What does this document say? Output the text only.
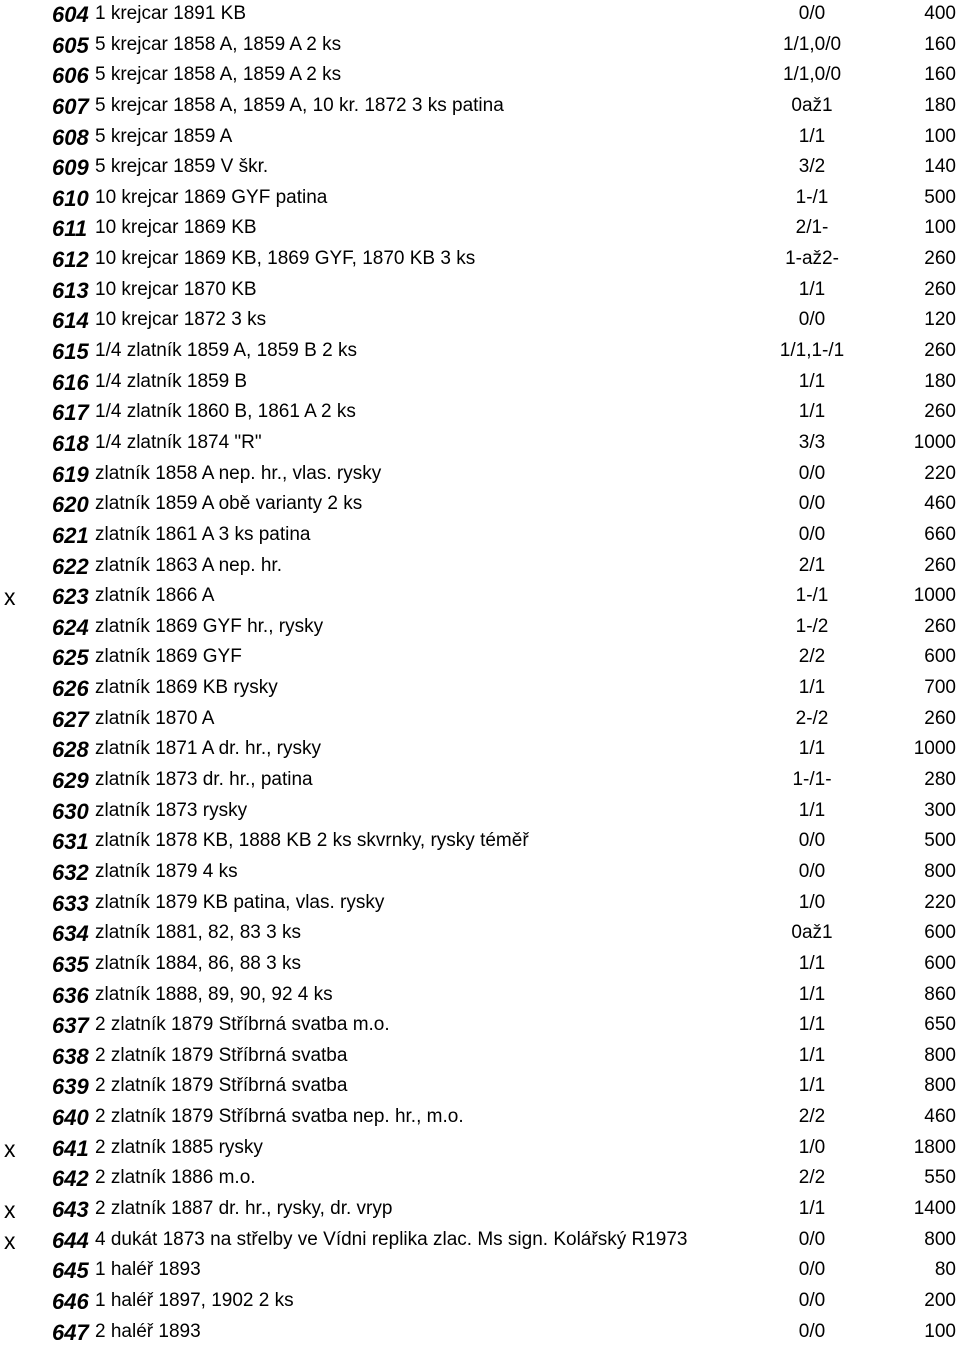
604 1 krejcar 1891 KB	0/0	400
605 5 krejcar 1858 A, 1859 A 2 ks	1/1,0/0	160
606 5 krejcar 1858 A, 1859 A 2 ks	1/1,0/0	160
607 5 krejcar 1858 A, 1859 A, 10 kr. 1872 3 ks patina	0až1	180
608 5 krejcar 1859 A	1/1	100
609 5 krejcar 1859 V škr.	3/2	140
610 10 krejcar 1869 GYF patina	1-/1	500
611 10 krejcar 1869 KB	2/1-	100
612 10 krejcar 1869 KB, 1869 GYF, 1870 KB 3 ks	1-až2-	260
613 10 krejcar 1870 KB	1/1	260
614 10 krejcar 1872 3 ks	0/0	120
615 1/4 zlatník 1859 A, 1859 B 2 ks	1/1,1-/1	260
616 1/4 zlatník 1859 B	1/1	180
617 1/4 zlatník 1860 B, 1861 A 2 ks	1/1	260
618 1/4 zlatník 1874 "R"	3/3	1000
619 zlatník 1858 A nep. hr., vlas. rysky	0/0	220
620 zlatník 1859 A obě varianty 2 ks	0/0	460
621 zlatník 1861 A 3 ks patina	0/0	660
622 zlatník 1863 A nep. hr.	2/1	260
x 623 zlatník 1866 A	1-/1	1000
624 zlatník 1869 GYF hr., rysky	1-/2	260
625 zlatník 1869 GYF	2/2	600
626 zlatník 1869 KB rysky	1/1	700
627 zlatník 1870 A	2-/2	260
628 zlatník 1871 A dr. hr., rysky	1/1	1000
629 zlatník 1873 dr. hr., patina	1-/1-	280
630 zlatník 1873 rysky	1/1	300
631 zlatník 1878 KB, 1888 KB 2 ks skvrnky, rysky téměř	0/0	500
632 zlatník 1879 4 ks	0/0	800
633 zlatník 1879 KB patina, vlas. rysky	1/0	220
634 zlatník 1881, 82, 83 3 ks	0až1	600
635 zlatník 1884, 86, 88 3 ks	1/1	600
636 zlatník 1888, 89, 90, 92 4 ks	1/1	860
637 2 zlatník 1879 Stříbrná svatba m.o.	1/1	650
638 2 zlatník 1879 Stříbrná svatba	1/1	800
639 2 zlatník 1879 Stříbrná svatba	1/1	800
640 2 zlatník 1879 Stříbrná svatba nep. hr., m.o.	2/2	460
x 641 2 zlatník 1885 rysky	1/0	1800
642 2 zlatník 1886 m.o.	2/2	550
x 643 2 zlatník 1887 dr. hr., rysky, dr. vryp	1/1	1400
x 644 4 dukát 1873 na střelby ve Vídni replika zlac. Ms sign. Kolářský R1973	0/0	800
645 1 haléř 1893	0/0	80
646 1 haléř 1897, 1902 2 ks	0/0	200
647 2 haléř 1893	0/0	100
